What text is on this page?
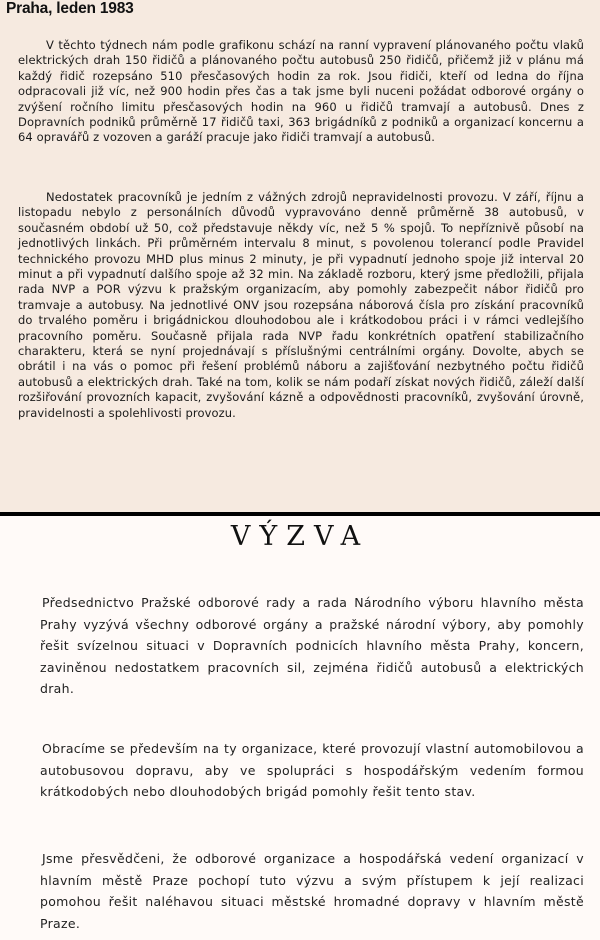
Praha, leden 1983
V těchto týdnech nám podle grafikonu schází na ranní vypravení plánovaného počtu vlaků elektrických drah 150 řidičů a plánovaného počtu autobusů 250 řidičů, přičemž již v plánu má každý řidič rozepsáno 510 přesčasových hodin za rok. Jsou řidiči, kteří od ledna do října odpracovali již víc, než 900 hodin přes čas a tak jsme byli nuceni požádat odborové orgány o zvýšení ročního limitu přesčasových hodin na 960 u řidičů tramvají a autobusů. Dnes z Dopravních podniků průměrně 17 řidičů taxi, 363 brigádníků z podniků a organizací koncernu a 64 opravářů z vozoven a garáží pracuje jako řidiči tramvají a autobusů.
Nedostatek pracovníků je jedním z vážných zdrojů nepravidelnosti provozu. V září, říjnu a listopadu nebylo z personálních důvodů vypravováno denně průměrně 38 autobusů, v současném období už 50, což představuje někdy víc, než 5 % spojů. To nepříznivě působí na jednotlivých linkách. Při průměrném intervalu 8 minut, s povolenou tolerancí podle Pravidel technického provozu MHD plus minus 2 minuty, je při vypadnutí jednoho spoje již interval 20 minut a při vypadnutí dalšího spoje až 32 min. Na základě rozboru, který jsme předložili, přijala rada NVP a POR výzvu k pražským organizacím, aby pomohly zabezpečit nábor řidičů pro tramvaje a autobusy. Na jednotlivé ONV jsou rozepsána náborová čísla pro získání pracovníků do trvalého poměru i brigádnickou dlouhodobou ale i krátkodobou práci i v rámci vedlejšího pracovního poměru. Současně přijala rada NVP řadu konkrétních opatření stabilizačního charakteru, která se nyní projednávají s příslušnými centrálními orgány. Dovolte, abych se obrátil i na vás o pomoc při řešení problémů náboru a zajišťování nezbytného počtu řidičů autobusů a elektrických drah. Také na tom, kolik se nám podaří získat nových řidičů, záleží další rozšiřování provozních kapacit, zvyšování kázně a odpovědnosti pracovníků, zvyšování úrovně, pravidelnosti a spolehlivosti provozu.
VÝZVA
Předsednictvo Pražské odborové rady a rada Národního výboru hlavního města Prahy vyzývá všechny odborové orgány a pražské národní výbory, aby pomohly řešit svízelnou situaci v Dopravních podnicích hlavního města Prahy, koncern, zaviněnou nedostatkem pracovních sil, zejména řidičů autobusů a elektrických drah.
Obracíme se především na ty organizace, které provozují vlastní automobilovou a autobusovou dopravu, aby ve spolupráci s hospodářským vedením formou krátkodobých nebo dlouhodobých brigád pomohly řešit tento stav.
Jsme přesvědčeni, že odborové organizace a hospodářská vedení organizací v hlavním městě Praze pochopí tuto výzvu a svým přístupem k její realizaci pomohou řešit naléhavou situaci městské hromadné dopravy v hlavním městě Praze.
